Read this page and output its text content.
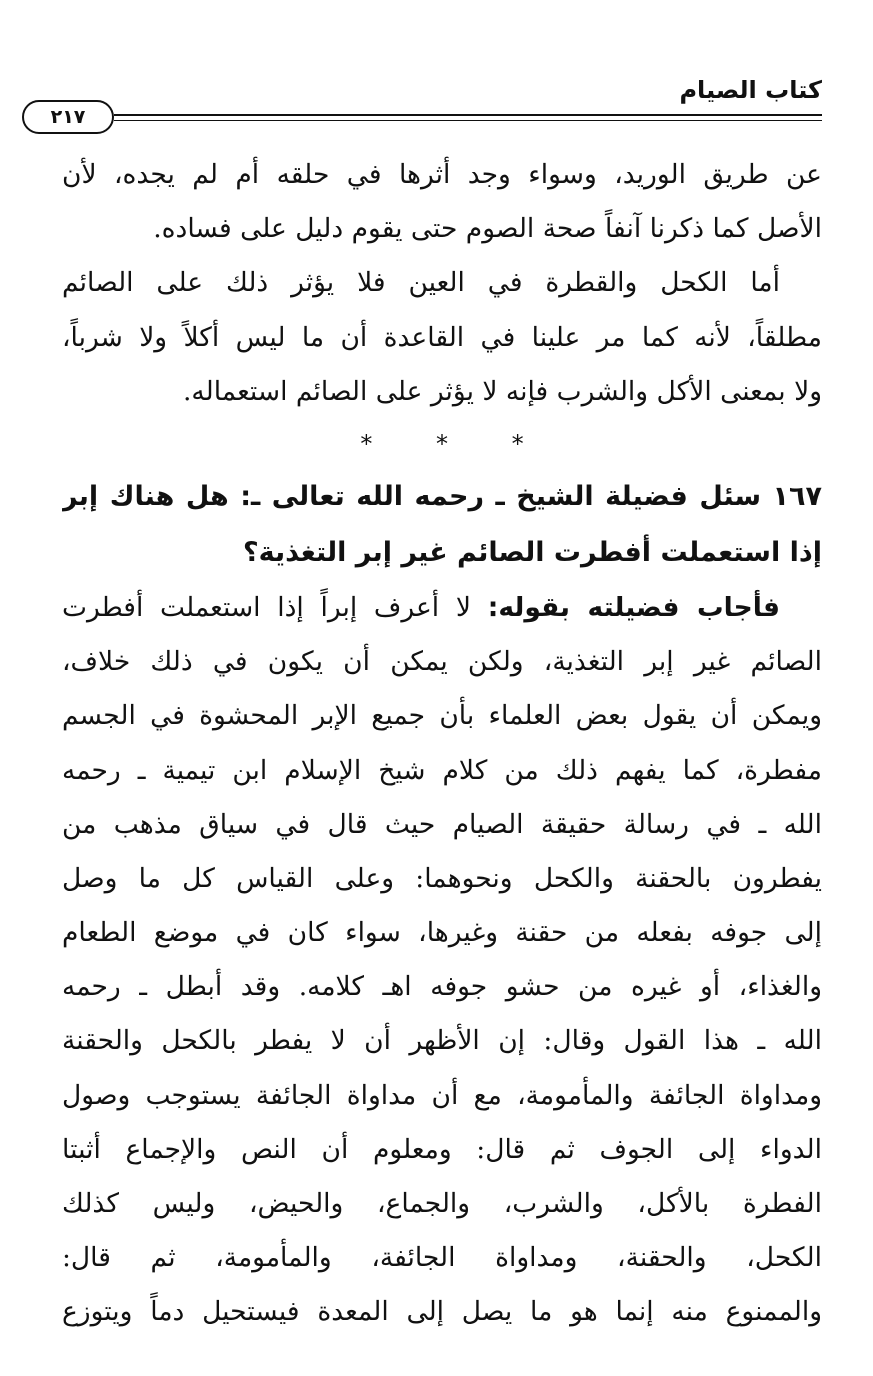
كتاب الصيام
٢١٧
عن طريق الوريد، وسواء وجد أثرها في حلقه أم لم يجده، لأن
الأصل كما ذكرنا آنفاً صحة الصوم حتى يقوم دليل على فساده.
أما الكحل والقطرة في العين فلا يؤثر ذلك على الصائم
مطلقاً، لأنه كما مر علينا في القاعدة أن ما ليس أكلاً ولا شرباً،
ولا بمعنى الأكل والشرب فإنه لا يؤثر على الصائم استعماله.
* * *
١٦٧ سئل فضيلة الشيخ ـ رحمه الله تعالى ـ: هل هناك إبر
إذا استعملت أفطرت الصائم غير إبر التغذية؟
فأجاب فضيلته بقوله: لا أعرف إبراً إذا استعملت أفطرت
الصائم غير إبر التغذية، ولكن يمكن أن يكون في ذلك خلاف،
ويمكن أن يقول بعض العلماء بأن جميع الإبر المحشوة في الجسم
مفطرة، كما يفهم ذلك من كلام شيخ الإسلام ابن تيمية ـ رحمه
الله ـ في رسالة حقيقة الصيام حيث قال في سياق مذهب من
يفطرون بالحقنة والكحل ونحوهما: وعلى القياس كل ما وصل
إلى جوفه بفعله من حقنة وغيرها، سواء كان في موضع الطعام
والغذاء، أو غيره من حشو جوفه اهـ كلامه. وقد أبطل ـ رحمه
الله ـ هذا القول وقال: إن الأظهر أن لا يفطر بالكحل والحقنة
ومداواة الجائفة والمأمومة، مع أن مداواة الجائفة يستوجب وصول
الدواء إلى الجوف ثم قال: ومعلوم أن النص والإجماع أثبتا
الفطرة بالأكل، والشرب، والجماع، والحيض، وليس كذلك
الكحل، والحقنة، ومداواة الجائفة، والمأمومة، ثم قال:
والممنوع منه إنما هو ما يصل إلى المعدة فيستحيل دماً ويتوزع
